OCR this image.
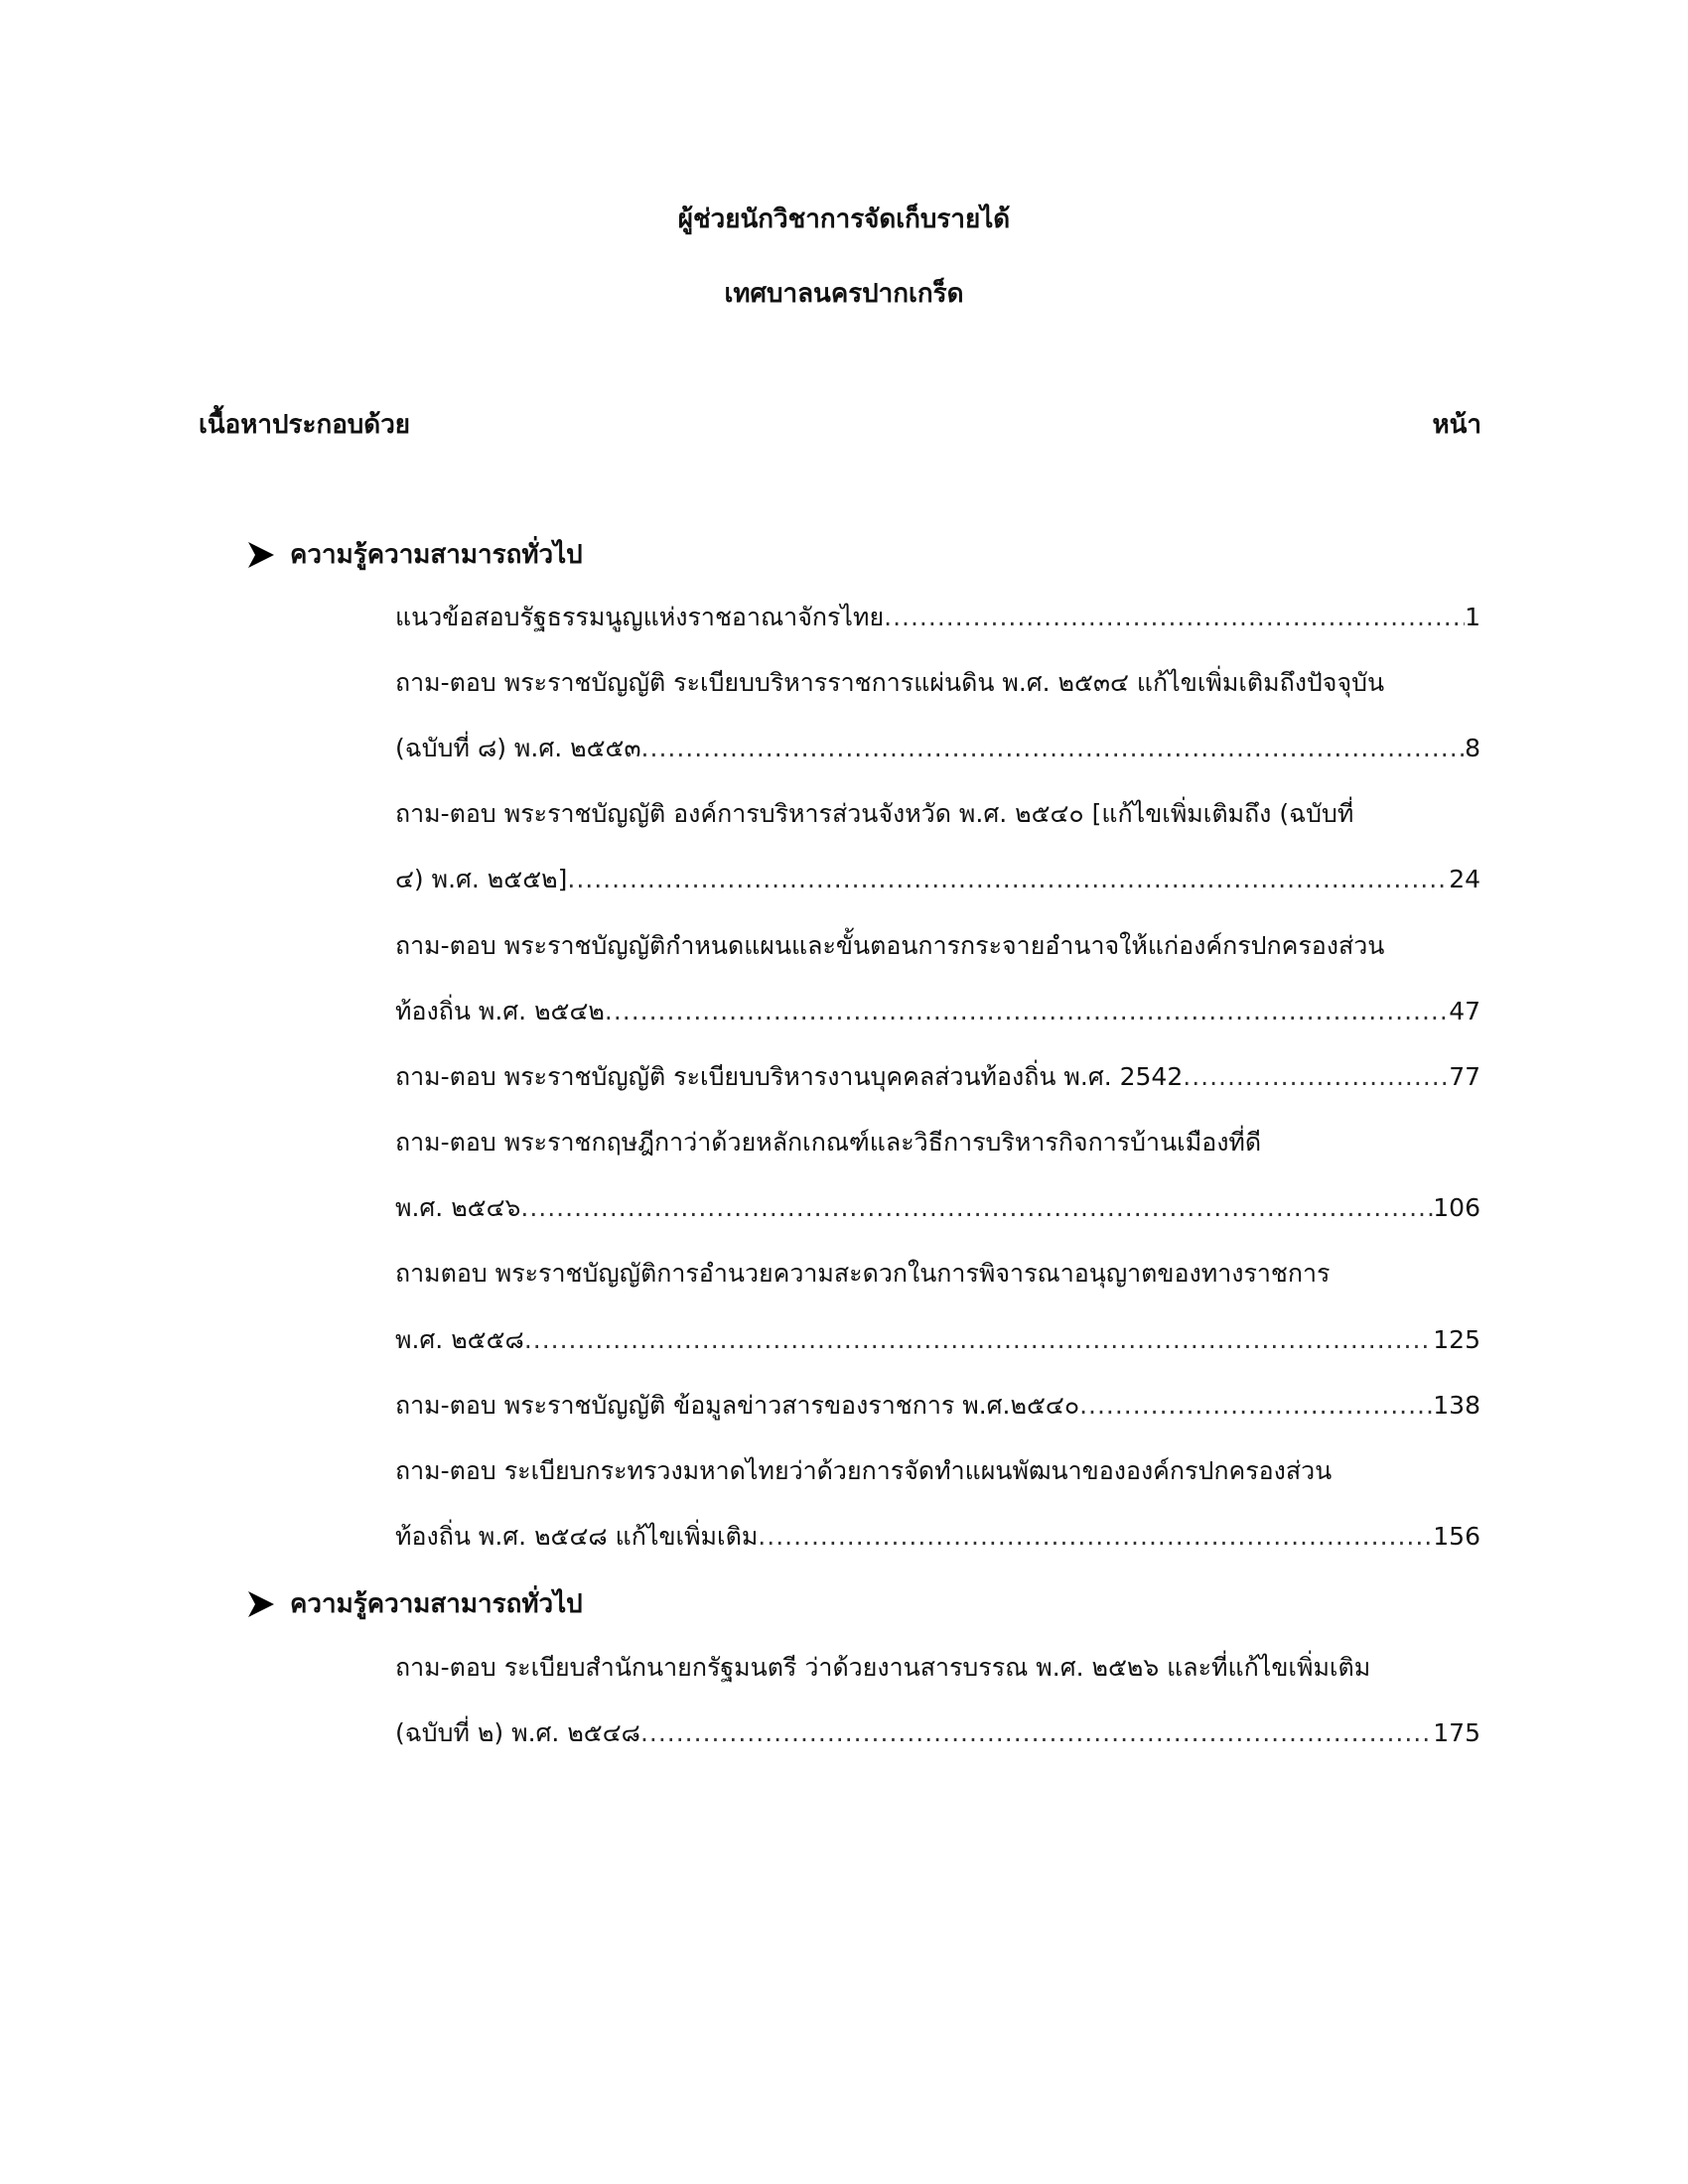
ผู้ช่วยนักวิชาการจัดเก็บรายได้
เทศบาลนครปากเกร็ด
เนื้อหาประกอบด้วย	หน้า
ความรู้ความสามารถทั่วไป
แนวข้อสอบรัฐธรรมนูญแห่งราชอาณาจักรไทย .....	1
ถาม-ตอบ พระราชบัญญัติ ระเบียบบริหารราชการแผ่นดิน พ.ศ. ๒๕๓๔ แก้ไขเพิ่มเติมถึงปัจจุบัน
(ฉบับที่ ๘) พ.ศ. ๒๕๕๓ .....	8
ถาม-ตอบ พระราชบัญญัติ องค์การบริหารส่วนจังหวัด พ.ศ. ๒๕๔๐ [แก้ไขเพิ่มเติมถึง (ฉบับที่
๔) พ.ศ. ๒๕๕๒] .....	24
ถาม-ตอบ พระราชบัญญัติกำหนดแผนและขั้นตอนการกระจายอำนาจให้แก่องค์กรปกครองส่วน
ท้องถิ่น พ.ศ. ๒๕๔๒ .....	47
ถาม-ตอบ พระราชบัญญัติ ระเบียบบริหารงานบุคคลส่วนท้องถิ่น พ.ศ. 2542 .....	77
ถาม-ตอบ พระราชกฤษฎีกาว่าด้วยหลักเกณฑ์และวิธีการบริหารกิจการบ้านเมืองที่ดี
พ.ศ. ๒๕๔๖ .....	106
ถามตอบ พระราชบัญญัติการอำนวยความสะดวกในการพิจารณาอนุญาตของทางราชการ
พ.ศ. ๒๕๕๘ .....	125
ถาม-ตอบ พระราชบัญญัติ ข้อมูลข่าวสารของราชการ พ.ศ.๒๕๔๐ .....	138
ถาม-ตอบ ระเบียบกระทรวงมหาดไทยว่าด้วยการจัดทำแผนพัฒนาขององค์กรปกครองส่วน
ท้องถิ่น พ.ศ. ๒๕๔๘ แก้ไขเพิ่มเติม .....	156
ความรู้ความสามารถทั่วไป
ถาม-ตอบ ระเบียบสำนักนายกรัฐมนตรี ว่าด้วยงานสารบรรณ พ.ศ. ๒๕๒๖ และที่แก้ไขเพิ่มเติม
(ฉบับที่ ๒) พ.ศ. ๒๕๔๘ .....	175
